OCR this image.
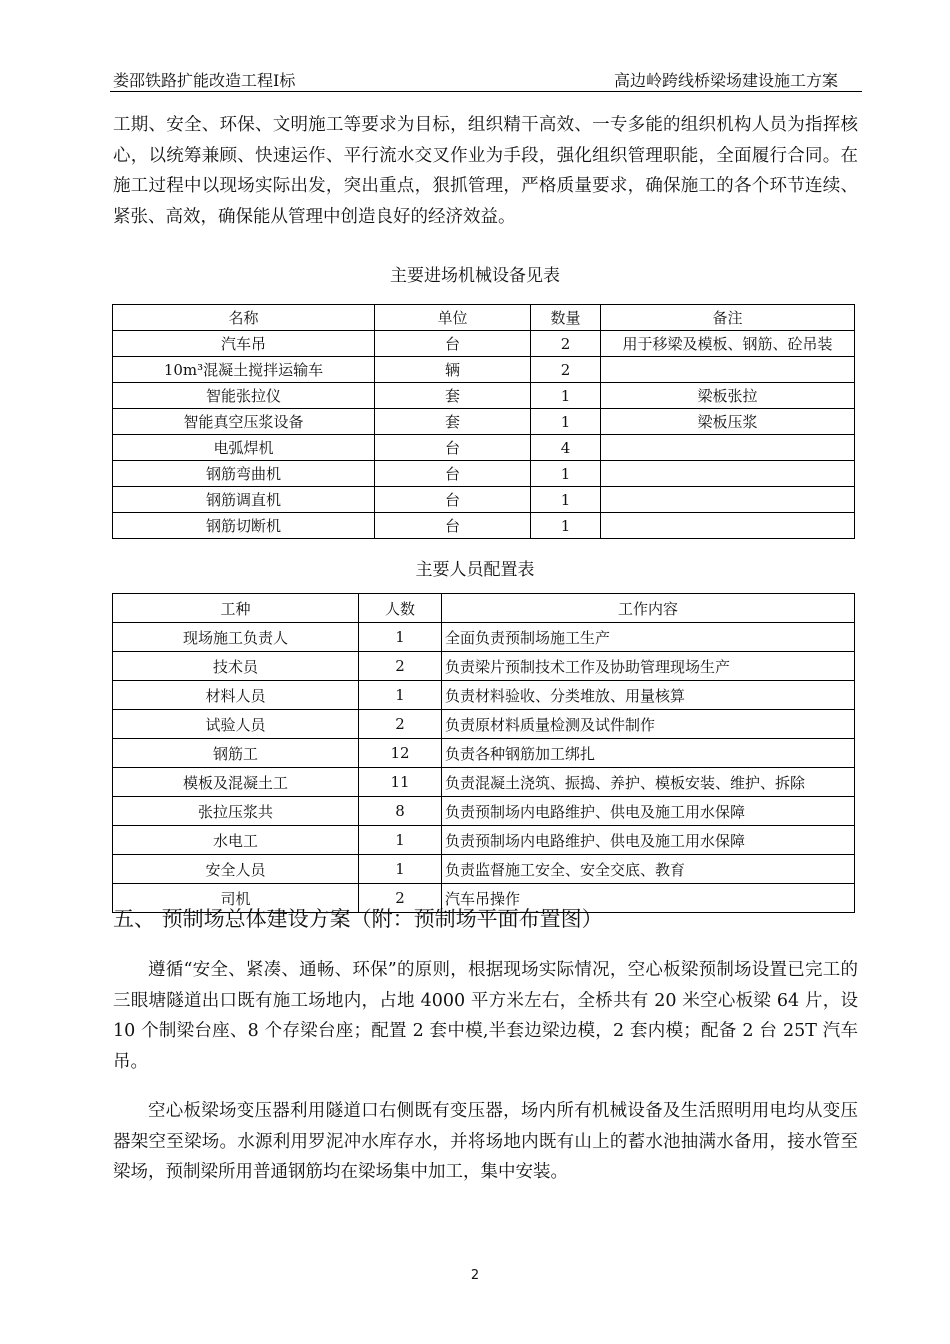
娄邵铁路扩能改造工程Ⅰ标	高边岭跨线桥梁场建设施工方案
工期、安全、环保、文明施工等要求为目标，组织精干高效、一专多能的组织机构人员为指挥核心，以统筹兼顾、快速运作、平行流水交叉作业为手段，强化组织管理职能，全面履行合同。在施工过程中以现场实际出发，突出重点，狠抓管理，严格质量要求，确保施工的各个环节连续、紧张、高效，确保能从管理中创造良好的经济效益。
主要进场机械设备见表
名称	单位	数量	备注
汽车吊	台	2	用于移梁及模板、钢筋、砼吊装
10m³混凝土搅拌运输车	辆	2	
智能张拉仪	套	1	梁板张拉
智能真空压浆设备	套	1	梁板压浆
电弧焊机	台	4	
钢筋弯曲机	台	1	
钢筋调直机	台	1	
钢筋切断机	台	1	
主要人员配置表
工种	人数	工作内容
现场施工负责人	1	全面负责预制场施工生产
技术员	2	负责梁片预制技术工作及协助管理现场生产
材料人员	1	负责材料验收、分类堆放、用量核算
试验人员	2	负责原材料质量检测及试件制作
钢筋工	12	负责各种钢筋加工绑扎
模板及混凝土工	11	负责混凝土浇筑、振捣、养护、模板安装、维护、拆除
张拉压浆共	8	负责预制场内电路维护、供电及施工用水保障
水电工	1	负责预制场内电路维护、供电及施工用水保障
安全人员	1	负责监督施工安全、安全交底、教育
司机	2	汽车吊操作
五、 预制场总体建设方案（附：预制场平面布置图）
遵循“安全、紧凑、通畅、环保”的原则，根据现场实际情况，空心板梁预制场设置已完工的三眼塘隧道出口既有施工场地内，占地 4000 平方米左右，全桥共有 20 米空心板梁 64 片，设 10 个制梁台座、8 个存梁台座；配置 2 套中模,半套边梁边模，2 套内模；配备 2 台 25T 汽车吊。
空心板梁场变压器利用隧道口右侧既有变压器，场内所有机械设备及生活照明用电均从变压器架空至梁场。水源利用罗泥冲水库存水，并将场地内既有山上的蓄水池抽满水备用，接水管至梁场，预制梁所用普通钢筋均在梁场集中加工，集中安装。
2
